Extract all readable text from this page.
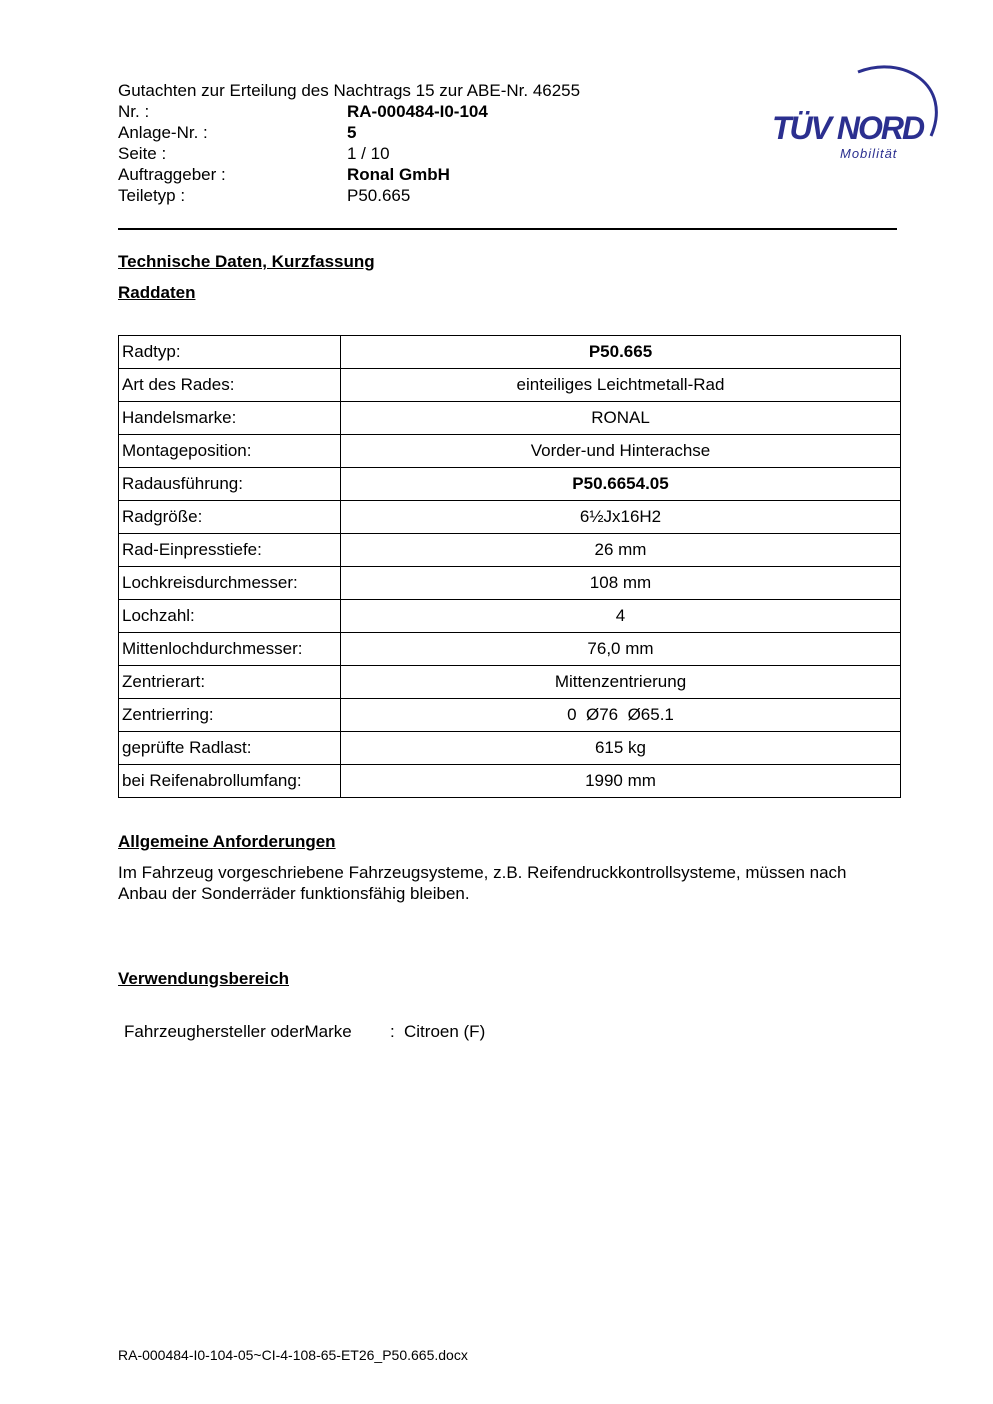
Gutachten zur Erteilung des Nachtrags 15 zur ABE-Nr. 46255
Nr. :	RA-000484-I0-104
Anlage-Nr. :	5
Seite :	1 / 10
Auftraggeber :	Ronal GmbH
Teiletyp :	P50.665
TÜV NORD
Mobilität
Technische Daten, Kurzfassung
Raddaten
Radtyp:	P50.665
Art des Rades:	einteiliges Leichtmetall-Rad
Handelsmarke:	RONAL
Montageposition:	Vorder-und Hinterachse
Radausführung:	P50.6654.05
Radgröße:	6½Jx16H2
Rad-Einpresstiefe:	26 mm
Lochkreisdurchmesser:	108 mm
Lochzahl:	4
Mittenlochdurchmesser:	76,0 mm
Zentrierart:	Mittenzentrierung
Zentrierring:	0  Ø76  Ø65.1
geprüfte Radlast:	615 kg
bei Reifenabrollumfang:	1990 mm
Allgemeine Anforderungen
Im Fahrzeug vorgeschriebene Fahrzeugsysteme, z.B. Reifendruckkontrollsysteme, müssen nach Anbau der Sonderräder funktionsfähig bleiben.
Verwendungsbereich
Fahrzeughersteller oderMarke	: Citroen (F)
RA-000484-I0-104-05~CI-4-108-65-ET26_P50.665.docx
